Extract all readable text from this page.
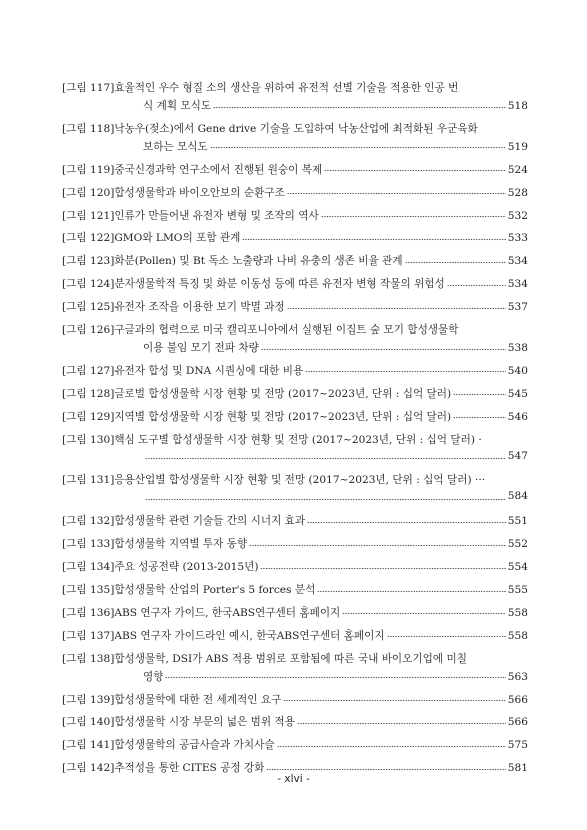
[그림 117] 효율적인 우수 형질 소의 생산을 위하여 유전적 선별 기술을 적용한 인공 번
식 계획 모식도	518
[그림 118] 낙농우(젖소)에서 Gene drive 기술을 도입하여 낙농산업에 최적화된 우군육화
보하는 모식도	519
[그림 119] 중국신경과학 연구소에서 진행된 원숭이 복제	524
[그림 120] 합성생물학과 바이오안보의 순환구조	528
[그림 121] 인류가 만들어낸 유전자 변형 및 조작의 역사	532
[그림 122] GMO와 LMO의 포함 관계	533
[그림 123] 화분(Pollen) 및 Bt 독소 노출량과 나비 유충의 생존 비율 관계	534
[그림 124] 분자생물학적 특징 및 화분 이동성 등에 따른 유전자 변형 작물의 위험성	534
[그림 125] 유전자 조작을 이용한 보기 박멸 과정	537
[그림 126] 구글과의 협력으로 미국 캘리포니아에서 실행된 이집트 숲 모기 합성생물학
이용 불임 모기 전파 차량	538
[그림 127] 유전자 합성 및 DNA 시퀀싱에 대한 비용	540
[그림 128] 글로벌 합성생물학 시장 현황 및 전망 (2017~2023년, 단위 : 십억 달러)	545
[그림 129] 지역별 합성생물학 시장 현황 및 전망 (2017~2023년, 단위 : 십억 달러)	546
[그림 130] 핵심 도구별 합성생물학 시장 현황 및 전망 (2017~2023년, 단위 : 십억 달러) ·
547
[그림 131] 응용산업별 합성생물학 시장 현황 및 전망 (2017~2023년, 단위 : 십억 달러) ···
584
[그림 132] 합성생물학 관련 기술들 간의 시너지 효과	551
[그림 133] 합성생물학 지역별 투자 동향	552
[그림 134] 주요 성공전략 (2013-2015년)	554
[그림 135] 합성생물학 산업의 Porter's 5 forces 분석	555
[그림 136] ABS 연구자 가이드, 한국ABS연구센터 홈페이지	558
[그림 137] ABS 연구자 가이드라인 예시, 한국ABS연구센터 홈페이지	558
[그림 138] 합성생물학, DSI가 ABS 적용 범위로 포함됨에 따른 국내 바이오기업에 미칠
영향	563
[그림 139] 합성생물학에 대한 전 세계적인 요구	566
[그림 140] 합성생물학 시장 부문의 넓은 범위 적용	566
[그림 141] 합성생물학의 공급사슬과 가치사슬	575
[그림 142] 추적성을 통한 CITES 공정 강화	581
- xlvi -
